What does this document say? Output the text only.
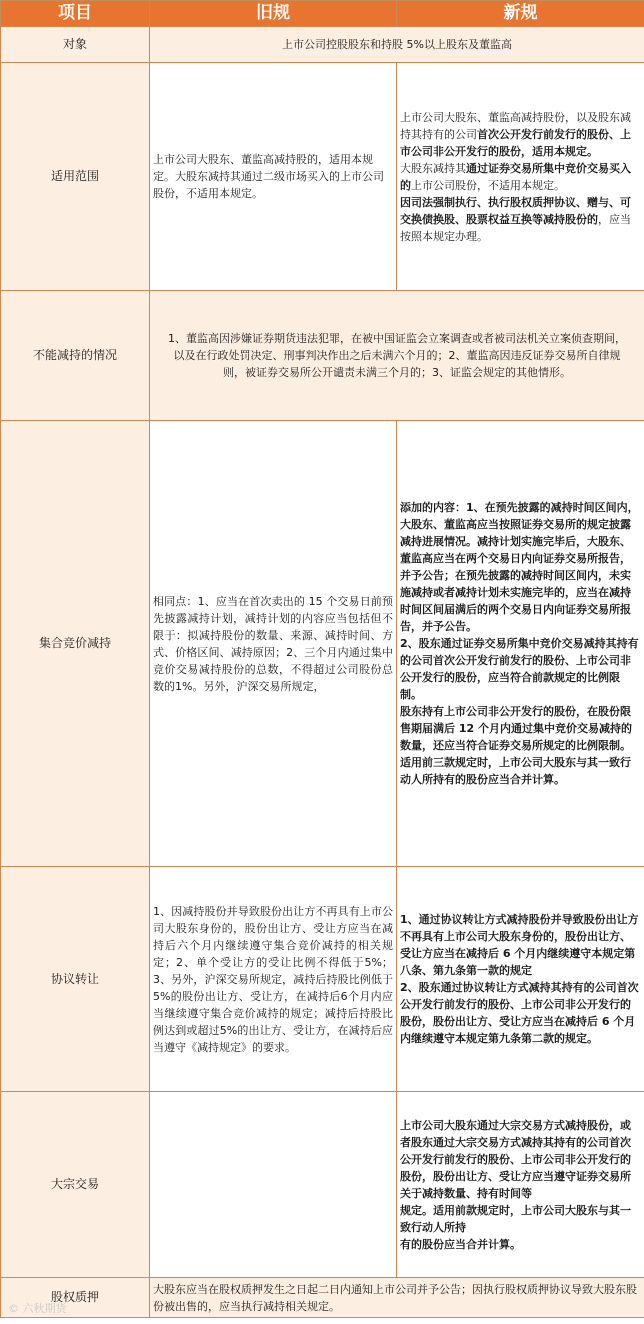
项目	旧规	新规
对象	上市公司控股股东和持股 5%以上股东及董监高	
适用范围	上市公司大股东、董监高减持股的，适用本规定。大股东减持其通过二级市场买入的上市公司股份，不适用本规定。	上市公司大股东、董监高减持股份，以及股东减持其持有的公司首次公开发行前发行的股份、上市公司非公开发行的股份，适用本规定。
大股东减持其通过证券交易所集中竞价交易买入的上市公司股份，不适用本规定。
因司法强制执行、执行股权质押协议、赠与、可交换债换股、股票权益互换等减持股份的，应当按照本规定办理。
不能减持的情况	1、董监高因涉嫌证券期货违法犯罪，在被中国证监会立案调查或者被司法机关立案侦查期间，以及在行政处罚决定、刑事判决作出之后未满六个月的；2、董监高因违反证券交易所自律规则，被证券交易所公开谴责未满三个月的；3、证监会规定的其他情形。	
集合竞价减持	相同点：1、应当在首次卖出的 15 个交易日前预先披露减持计划，减持计划的内容应当包括但不限于：拟减持股份的数量、来源、减持时间、方式、价格区间、减持原因；2、三个月内通过集中竞价交易减持股份的总数，不得超过公司股份总数的1%。另外，沪深交易所规定，	添加的内容：1、在预先披露的减持时间区间内，大股东、董监高应当按照证券交易所的规定披露减持进展情况。减持计划实施完毕后，大股东、董监高应当在两个交易日内向证券交易所报告，并予公告；在预先披露的减持时间区间内，未实施减持或者减持计划未实施完毕的，应当在减持时间区间届满后的两个交易日内向证券交易所报告，并予公告。
2、股东通过证券交易所集中竞价交易减持其持有的公司首次公开发行前发行的股份、上市公司非公开发行的股份，应当符合前款规定的比例限制。
股东持有上市公司非公开发行的股份，在股份限售期届满后 12 个月内通过集中竞价交易减持的数量，还应当符合证券交易所规定的比例限制。
适用前三款规定时，上市公司大股东与其一致行动人所持有的股份应当合并计算。

协议转让	1、因减持股份并导致股份出让方不再具有上市公司大股东身份的，股份出让方、受让方应当在减持后六个月内继续遵守集合竞价减持的相关规定；2、单个受让方的受让比例不得低于5%；3、另外，沪深交易所规定，减持后持股比例低于5%的股份出让方、受让方，在减持后6个月内应当继续遵守集合竞价减持的规定；减持后持股比例达到或超过5%的出让方、受让方，在减持后应当遵守《减持规定》的要求。	1、通过协议转让方式减持股份并导致股份出让方不再具有上市公司大股东身份的，股份出让方、受让方应当在减持后 6 个月内继续遵守本规定第八条、第九条第一款的规定
2、股东通过协议转让方式减持其持有的公司首次公开发行前发行的股份、上市公司非公开发行的股份，股份出让方、受让方应当在减持后 6 个月内继续遵守本规定第九条第二款的规定。

大宗交易		上市公司大股东通过大宗交易方式减持股份，或者股东通过大宗交易方式减持其持有的公司首次公开发行前发行的股份、上市公司非公开发行的股份，股份出让方、受让方应当遵守证券交易所关于减持数量、持有时间等
规定。适用前款规定时，上市公司大股东与其一致行动人所持
有的股份应当合并计算。

股权质押	大股东应当在股权质押发生之日起二日内通知上市公司并予公告；因执行股权质押协议导致大股东股份被出售的，应当执行减持相关规定。	
© 六秋期货
